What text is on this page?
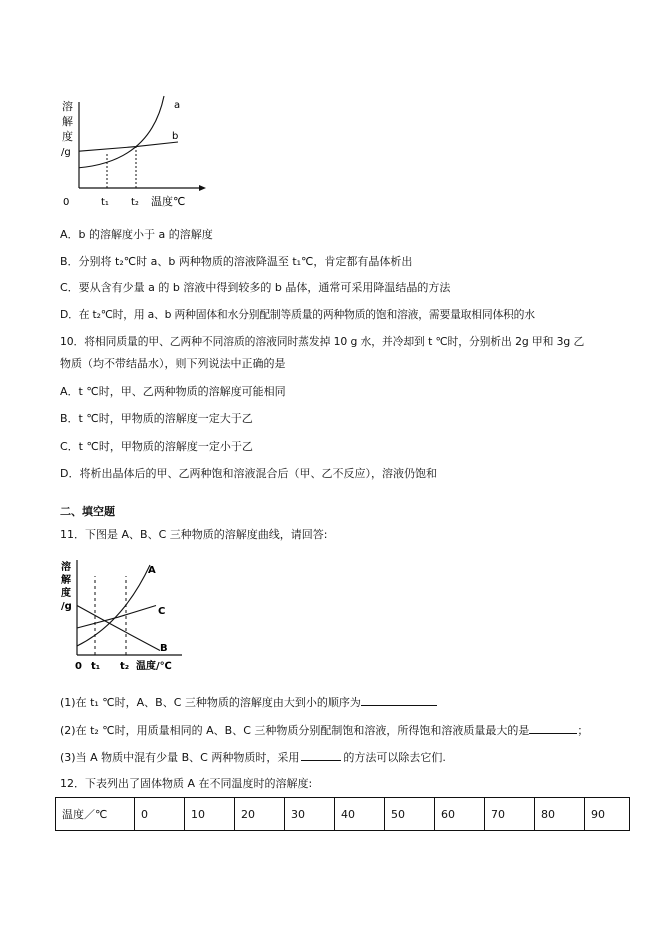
溶
解
度
/g
a
b
0	t₁ t₂ 温度℃
A．b 的溶解度小于 a 的溶解度
B．分别将 t₂℃时 a、b 两种物质的溶液降温至 t₁℃，肯定都有晶体析出
C．要从含有少量 a 的 b 溶液中得到较多的 b 晶体，通常可采用降温结晶的方法
D．在 t₂℃时，用 a、b 两种固体和水分别配制等质量的两种物质的饱和溶液，需要量取相同体积的水
10．将相同质量的甲、乙两种不同溶质的溶液同时蒸发掉 10 g 水，并冷却到 t ℃时，分别析出 2g 甲和 3g 乙
物质（均不带结晶水），则下列说法中正确的是
A．t ℃时，甲、乙两种物质的溶解度可能相同
B．t ℃时，甲物质的溶解度一定大于乙
C．t ℃时，甲物质的溶解度一定小于乙
D．将析出晶体后的甲、乙两种饱和溶液混合后（甲、乙不反应），溶液仍饱和
二、填空题
11．下图是 A、B、C 三种物质的溶解度曲线，请回答:
溶
解
度
/g
A
C
B
0 t₁ t₂ 温度/℃
(1)在 t₁ ℃时，A、B、C 三种物质的溶解度由大到小的顺序为
(2)在 t₂ ℃时，用质量相同的 A、B、C 三种物质分别配制饱和溶液，所得饱和溶液质量最大的是	；
(3)当 A 物质中混有少量 B、C 两种物质时，采用	的方法可以除去它们.
12．下表列出了固体物质 A 在不同温度时的溶解度:
温度／℃	0	10	20	30	40	50	60	70	80	90
